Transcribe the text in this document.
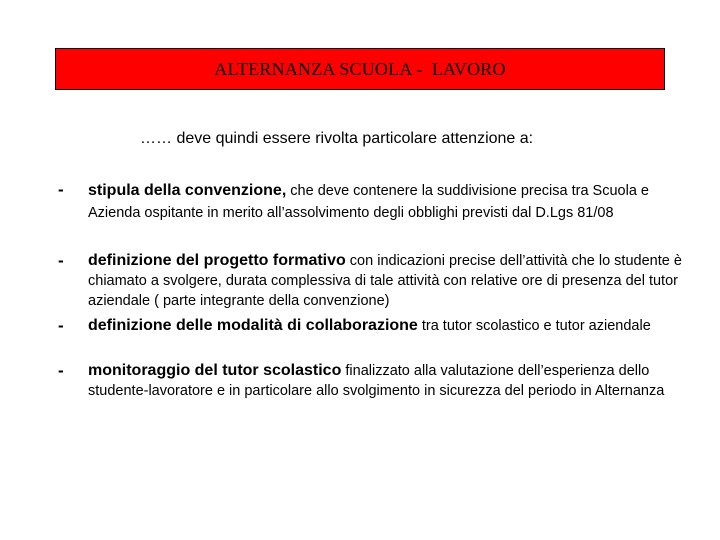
ALTERNANZA SCUOLA -  LAVORO
…… deve quindi essere rivolta particolare attenzione a:
- stipula della convenzione, che deve contenere la suddivisione precisa tra Scuola e Azienda ospitante in merito all’assolvimento degli obblighi previsti dal D.Lgs 81/08
- definizione del progetto formativo con indicazioni precise dell’attività che lo studente è chiamato a svolgere, durata complessiva di tale attività con relative ore di presenza del tutor aziendale ( parte integrante della convenzione)
- definizione delle modalità di collaborazione tra tutor scolastico e tutor aziendale
- monitoraggio del tutor scolastico finalizzato alla valutazione dell’esperienza dello studente-lavoratore e in particolare allo svolgimento in sicurezza del periodo in Alternanza
